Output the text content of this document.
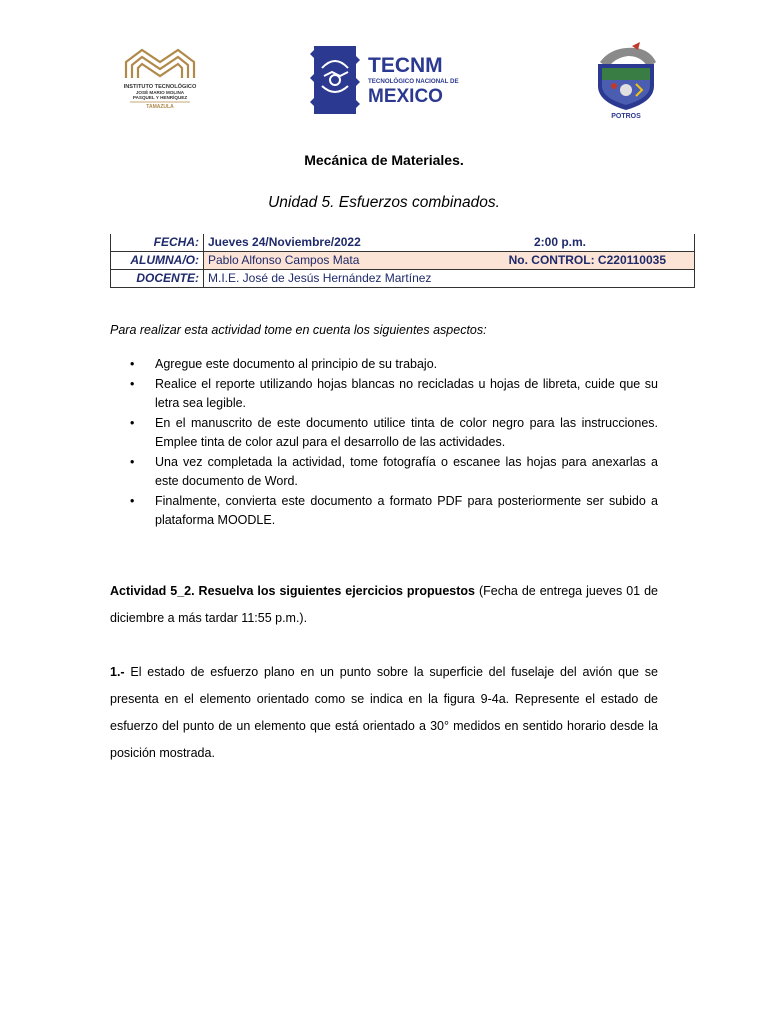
INSTITUTO TECNOLÓGICO
JOSÉ MARIO MOLINA
PASQUEL Y HENRÍQUEZ
TAMAZULA
TECNM
TECNOLÓGICO NACIONAL DE
MEXICO
POTROS
Mecánica de Materiales.
Unidad 5. Esfuerzos combinados.
FECHA:	Jueves 24/Noviembre/2022 2:00 p.m.

ALUMNA/O:	Pablo Alfonso Campos Mata No. CONTROL: C220110035

DOCENTE:	M.I.E. José de Jesús Hernández Martínez
Para realizar esta actividad tome en cuenta los siguientes aspectos:
• Agregue este documento al principio de su trabajo.
• Realice el reporte utilizando hojas blancas no recicladas u hojas de libreta, cuide que su letra sea legible.
• En el manuscrito de este documento utilice tinta de color negro para las instrucciones. Emplee tinta de color azul para el desarrollo de las actividades.
• Una vez completada la actividad, tome fotografía o escanee las hojas para anexarlas a este documento de Word.
• Finalmente, convierta este documento a formato PDF para posteriormente ser subido a plataforma MOODLE.
Actividad 5_2. Resuelva los siguientes ejercicios propuestos (Fecha de entrega jueves 01 de diciembre a más tardar 11:55 p.m.).
1.- El estado de esfuerzo plano en un punto sobre la superficie del fuselaje del avión que se presenta en el elemento orientado como se indica en la figura 9-4a. Represente el estado de esfuerzo del punto de un elemento que está orientado a 30° medidos en sentido horario desde la posición mostrada.
